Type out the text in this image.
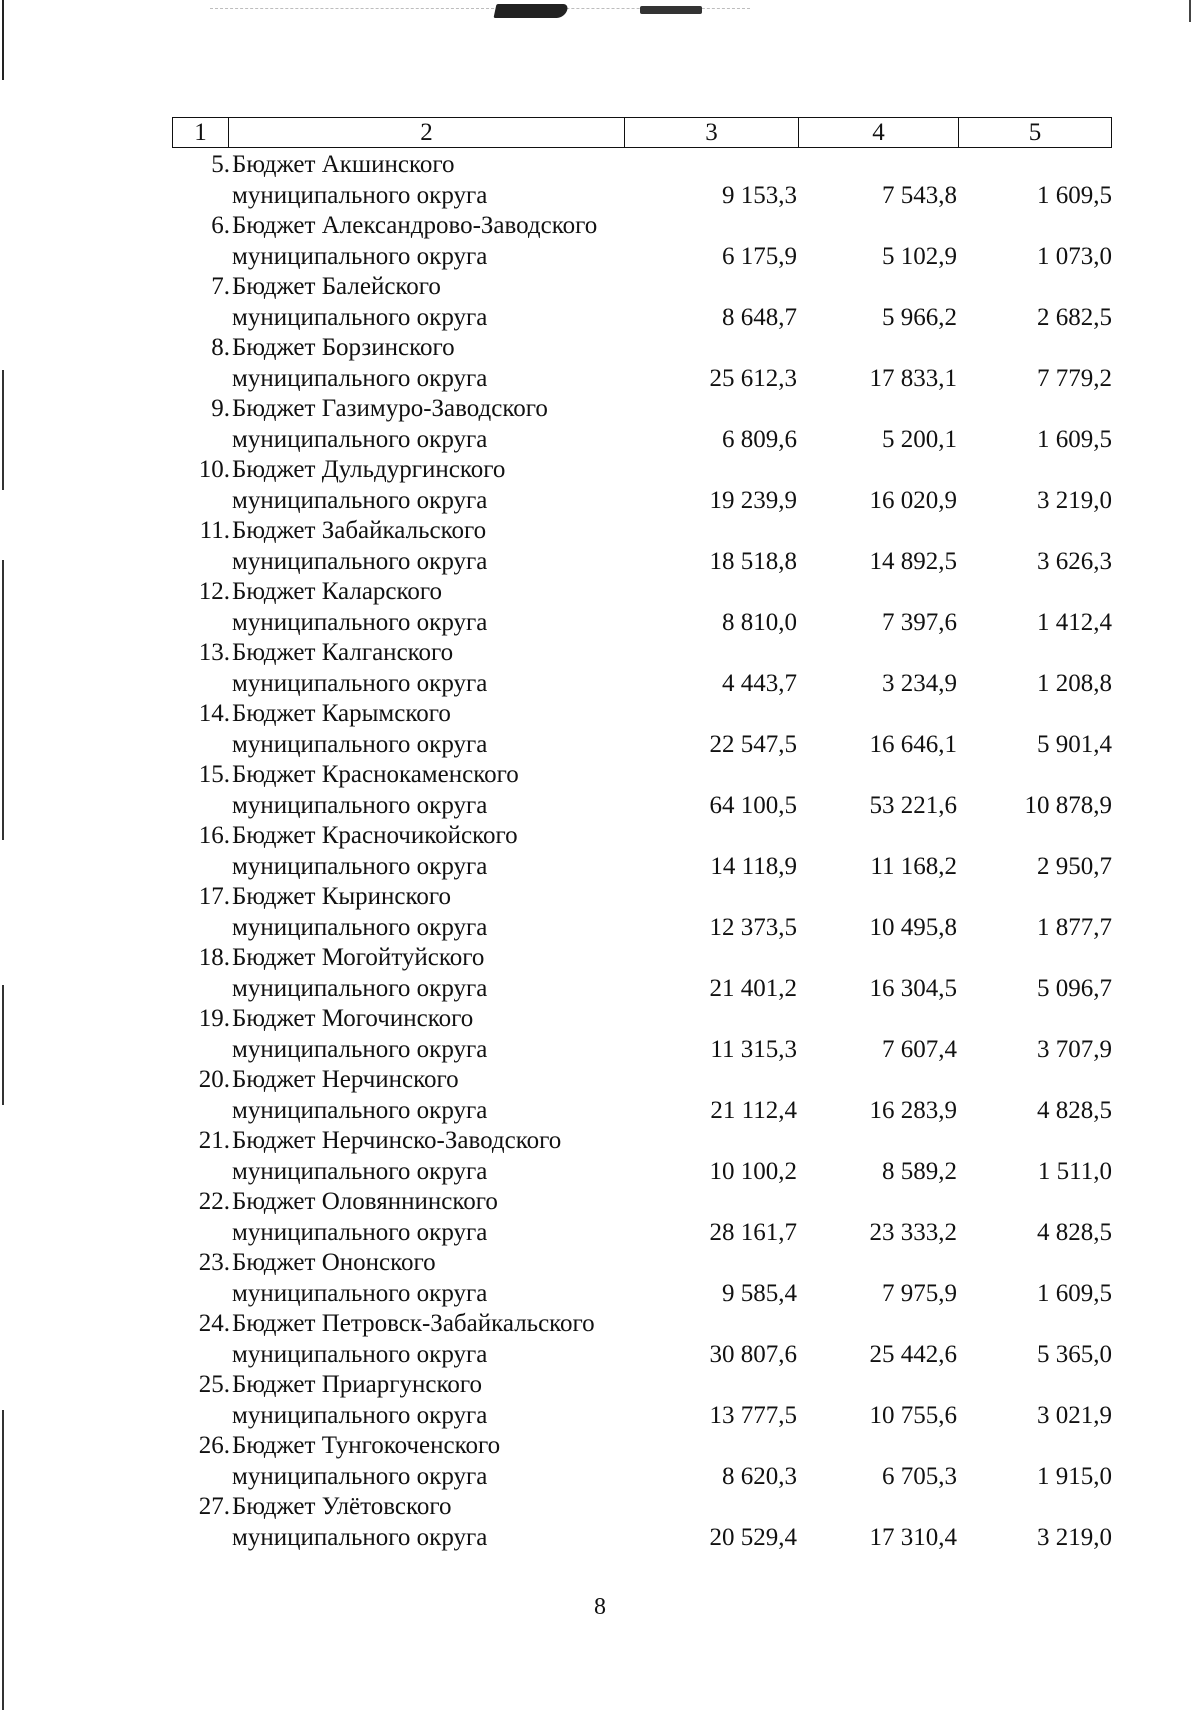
1	2	3	4	5
5. Бюджет Акшинского
муниципального округа	9 153,3	7 543,8	1 609,5
6. Бюджет Александрово-Заводского
муниципального округа	6 175,9	5 102,9	1 073,0
7. Бюджет Балейского
муниципального округа	8 648,7	5 966,2	2 682,5
8. Бюджет Борзинского
муниципального округа	25 612,3	17 833,1	7 779,2
9. Бюджет Газимуро-Заводского
муниципального округа	6 809,6	5 200,1	1 609,5
10. Бюджет Дульдургинского
муниципального округа	19 239,9	16 020,9	3 219,0
11. Бюджет Забайкальского
муниципального округа	18 518,8	14 892,5	3 626,3
12. Бюджет Каларского
муниципального округа	8 810,0	7 397,6	1 412,4
13. Бюджет Калганского
муниципального округа	4 443,7	3 234,9	1 208,8
14. Бюджет Карымского
муниципального округа	22 547,5	16 646,1	5 901,4
15. Бюджет Краснокаменского
муниципального округа	64 100,5	53 221,6	10 878,9
16. Бюджет Красночикойского
муниципального округа	14 118,9	11 168,2	2 950,7
17. Бюджет Кыринского
муниципального округа	12 373,5	10 495,8	1 877,7
18. Бюджет Могойтуйского
муниципального округа	21 401,2	16 304,5	5 096,7
19. Бюджет Могочинского
муниципального округа	11 315,3	7 607,4	3 707,9
20. Бюджет Нерчинского
муниципального округа	21 112,4	16 283,9	4 828,5
21. Бюджет Нерчинско-Заводского
муниципального округа	10 100,2	8 589,2	1 511,0
22. Бюджет Оловяннинского
муниципального округа	28 161,7	23 333,2	4 828,5
23. Бюджет Ононского
муниципального округа	9 585,4	7 975,9	1 609,5
24. Бюджет Петровск-Забайкальского
муниципального округа	30 807,6	25 442,6	5 365,0
25. Бюджет Приаргунского
муниципального округа	13 777,5	10 755,6	3 021,9
26. Бюджет Тунгокоченского
муниципального округа	8 620,3	6 705,3	1 915,0
27. Бюджет Улётовского
муниципального округа	20 529,4	17 310,4	3 219,0
8
